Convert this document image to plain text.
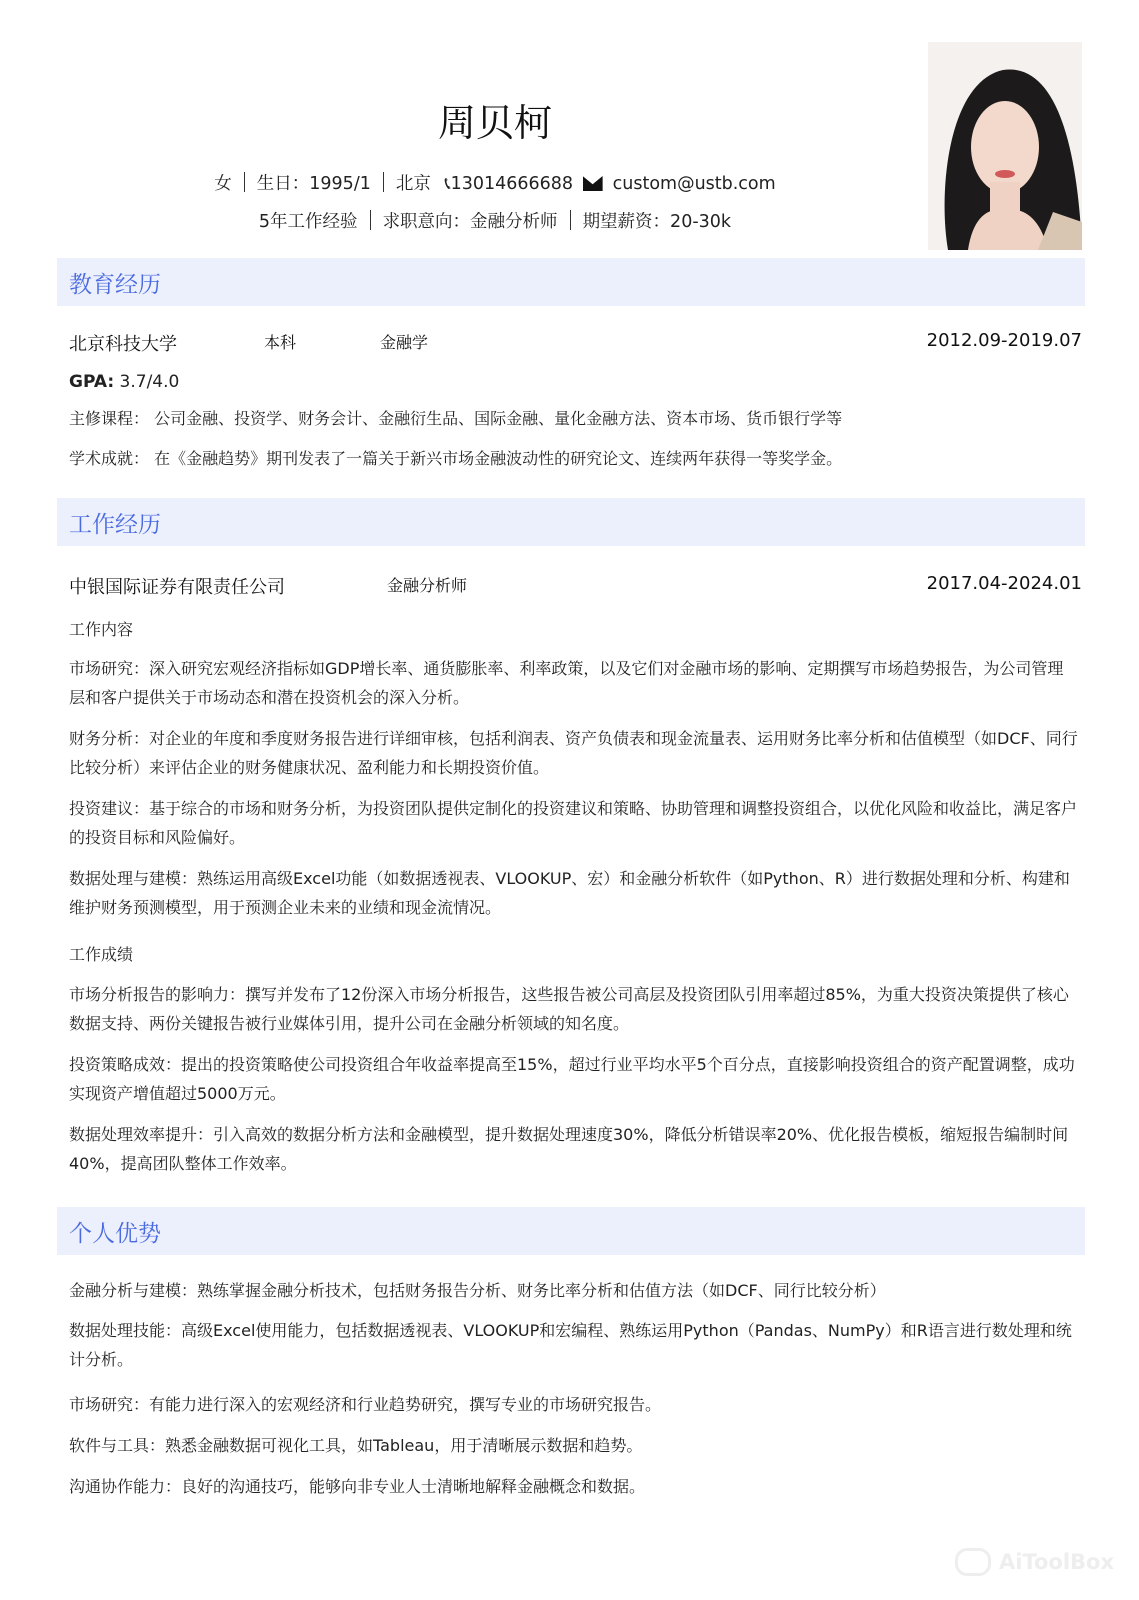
周贝柯
女 生日：1995/1 北京 📞︎13014666688 custom@ustb.com
5年工作经验 求职意向：金融分析师 期望薪资：20-30k
教育经历
北京科技大学	本科	金融学	2012.09-2019.07
GPA: 3.7/4.0
主修课程： 公司金融、投资学、财务会计、金融衍生品、国际金融、量化金融方法、资本市场、货币银行学等
学术成就： 在《金融趋势》期刊发表了一篇关于新兴市场金融波动性的研究论文、连续两年获得一等奖学金。
工作经历
中银国际证券有限责任公司	金融分析师	2017.04-2024.01
工作内容
市场研究：深入研究宏观经济指标如GDP增长率、通货膨胀率、利率政策，以及它们对金融市场的影响、定期撰写市场趋势报告，为公司管理层和客户提供关于市场动态和潜在投资机会的深入分析。
财务分析：对企业的年度和季度财务报告进行详细审核，包括利润表、资产负债表和现金流量表、运用财务比率分析和估值模型（如DCF、同行比较分析）来评估企业的财务健康状况、盈利能力和长期投资价值。
投资建议：基于综合的市场和财务分析，为投资团队提供定制化的投资建议和策略、协助管理和调整投资组合，以优化风险和收益比，满足客户的投资目标和风险偏好。
数据处理与建模：熟练运用高级Excel功能（如数据透视表、VLOOKUP、宏）和金融分析软件（如Python、R）进行数据处理和分析、构建和维护财务预测模型，用于预测企业未来的业绩和现金流情况。
工作成绩
市场分析报告的影响力：撰写并发布了12份深入市场分析报告，这些报告被公司高层及投资团队引用率超过85%，为重大投资决策提供了核心数据支持、两份关键报告被行业媒体引用，提升公司在金融分析领域的知名度。
投资策略成效：提出的投资策略使公司投资组合年收益率提高至15%，超过行业平均水平5个百分点，直接影响投资组合的资产配置调整，成功实现资产增值超过5000万元。
数据处理效率提升：引入高效的数据分析方法和金融模型，提升数据处理速度30%，降低分析错误率20%、优化报告模板，缩短报告编制时间40%，提高团队整体工作效率。
个人优势
金融分析与建模：熟练掌握金融分析技术，包括财务报告分析、财务比率分析和估值方法（如DCF、同行比较分析）
数据处理技能：高级Excel使用能力，包括数据透视表、VLOOKUP和宏编程、熟练运用Python（Pandas、NumPy）和R语言进行数处理和统计分析。
市场研究：有能力进行深入的宏观经济和行业趋势研究，撰写专业的市场研究报告。
软件与工具：熟悉金融数据可视化工具，如Tableau，用于清晰展示数据和趋势。
沟通协作能力：良好的沟通技巧，能够向非专业人士清晰地解释金融概念和数据。
AiToolBox
